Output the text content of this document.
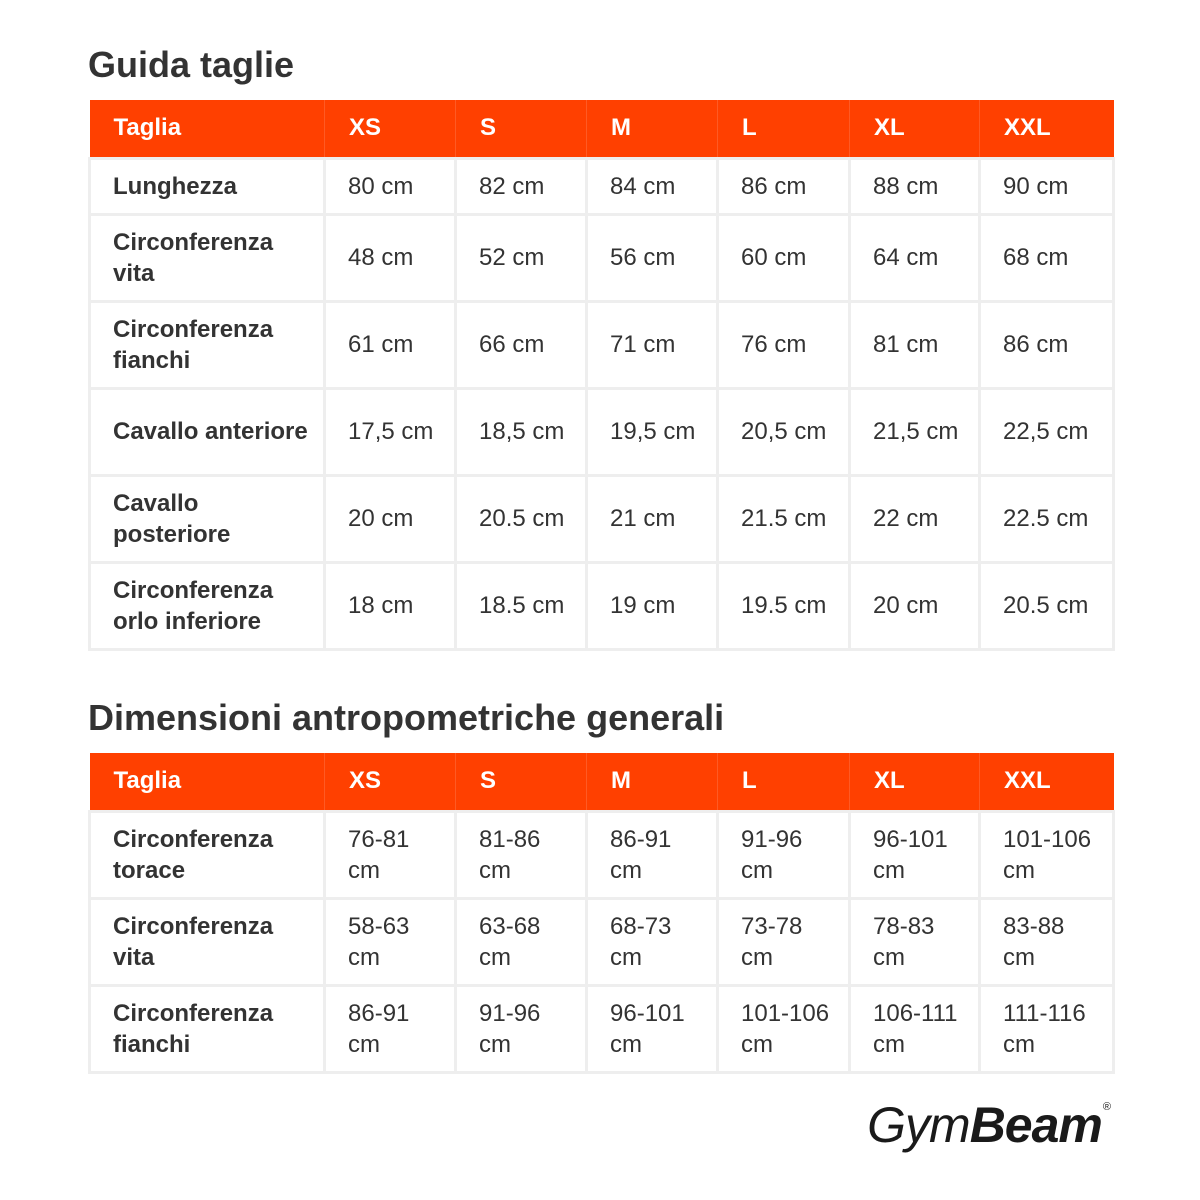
Guida taglie
Taglia	XS	S	M	L	XL	XXL
Lunghezza	80 cm	82 cm	84 cm	86 cm	88 cm	90 cm
Circonferenza vita	48 cm	52 cm	56 cm	60 cm	64 cm	68 cm
Circonferenza fianchi	61 cm	66 cm	71 cm	76 cm	81 cm	86 cm
Cavallo anteriore	17,5 cm	18,5 cm	19,5 cm	20,5 cm	21,5 cm	22,5 cm
Cavallo posteriore	20 cm	20.5 cm	21 cm	21.5 cm	22 cm	22.5 cm
Circonferenza orlo inferiore	18 cm	18.5 cm	19 cm	19.5 cm	20 cm	20.5 cm
Dimensioni antropometriche generali
Taglia	XS	S	M	L	XL	XXL
Circonferenza torace	76-81 cm	81-86 cm	86-91 cm	91-96 cm	96-101 cm	101-106 cm
Circonferenza vita	58-63 cm	63-68 cm	68-73 cm	73-78 cm	78-83 cm	83-88 cm
Circonferenza fianchi	86-91 cm	91-96 cm	96-101 cm	101-106 cm	106-111 cm	111-116 cm
GymBeam®
